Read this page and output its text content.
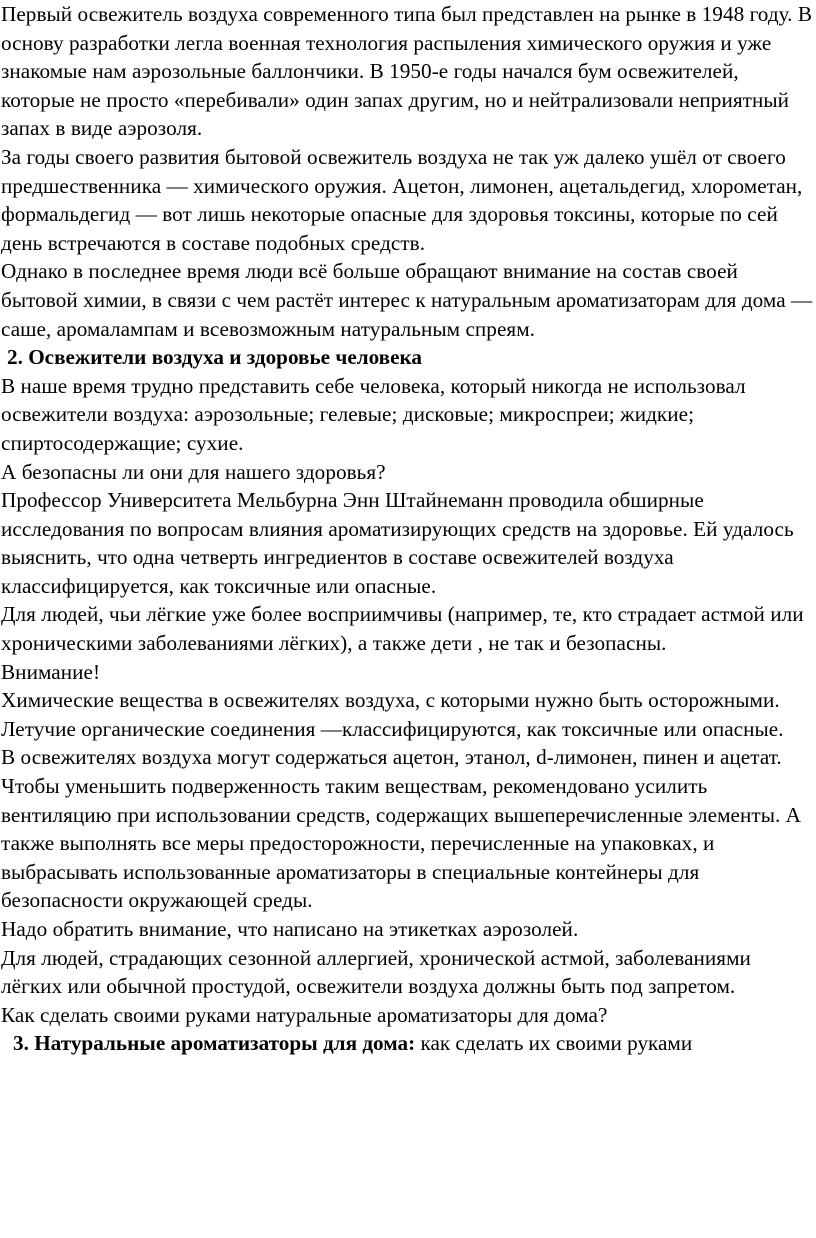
Первый освежитель воздуха современного типа был представлен на рынке в 1948 году. В основу разработки легла военная технология распыления химического оружия и уже знакомые нам аэрозольные баллончики. В 1950-е годы начался бум освежителей, которые не просто «перебивали» один запах другим, но и нейтрализовали неприятный запах в виде аэрозоля.

За годы своего развития бытовой освежитель воздуха не так уж далеко ушёл от своего предшественника — химического оружия. Ацетон, лимонен, ацетальдегид, хлорометан, формальдегид — вот лишь некоторые опасные для здоровья токсины, которые по сей день встречаются в составе подобных средств.

Однако в последнее время люди всё больше обращают внимание на состав своей бытовой химии, в связи с чем растёт интерес к натуральным ароматизаторам для дома — саше, аромалампам и всевозможным натуральным спреям.

2. Освежители воздуха и здоровье человека

В наше время трудно представить себе человека, который никогда не использовал освежители воздуха: аэрозольные; гелевые; дисковые; микроспреи; жидкие; спиртосодержащие; сухие.

А безопасны ли они для нашего здоровья?

Профессор Университета Мельбурна Энн Штайнеманн проводила обширные исследования по вопросам влияния ароматизирующих средств на здоровье. Ей удалось выяснить, что одна четверть ингредиентов в составе освежителей воздуха классифицируется, как токсичные или опасные.

Для людей, чьи лёгкие уже более восприимчивы (например, те, кто страдает астмой или хроническими заболеваниями лёгких), а также дети , не так и безопасны.

Внимание!

Химические вещества в освежителях воздуха, с которыми нужно быть осторожными.

Летучие органические соединения —классифицируются, как токсичные или опасные.

В освежителях воздуха могут содержаться ацетон, этанол, d-лимонен, пинен и ацетат.

Чтобы уменьшить подверженность таким веществам, рекомендовано усилить вентиляцию при использовании средств, содержащих вышеперечисленные элементы. А также выполнять все меры предосторожности, перечисленные на упаковках, и выбрасывать использованные ароматизаторы в специальные контейнеры для безопасности окружающей среды.

Надо обратить внимание, что написано на этикетках аэрозолей.

Для людей, страдающих сезонной аллергией, хронической астмой, заболеваниями лёгких или обычной простудой, освежители воздуха должны быть под запретом.

Как сделать своими руками натуральные ароматизаторы для дома?

3. Натуральные ароматизаторы для дома: как сделать их своими руками
